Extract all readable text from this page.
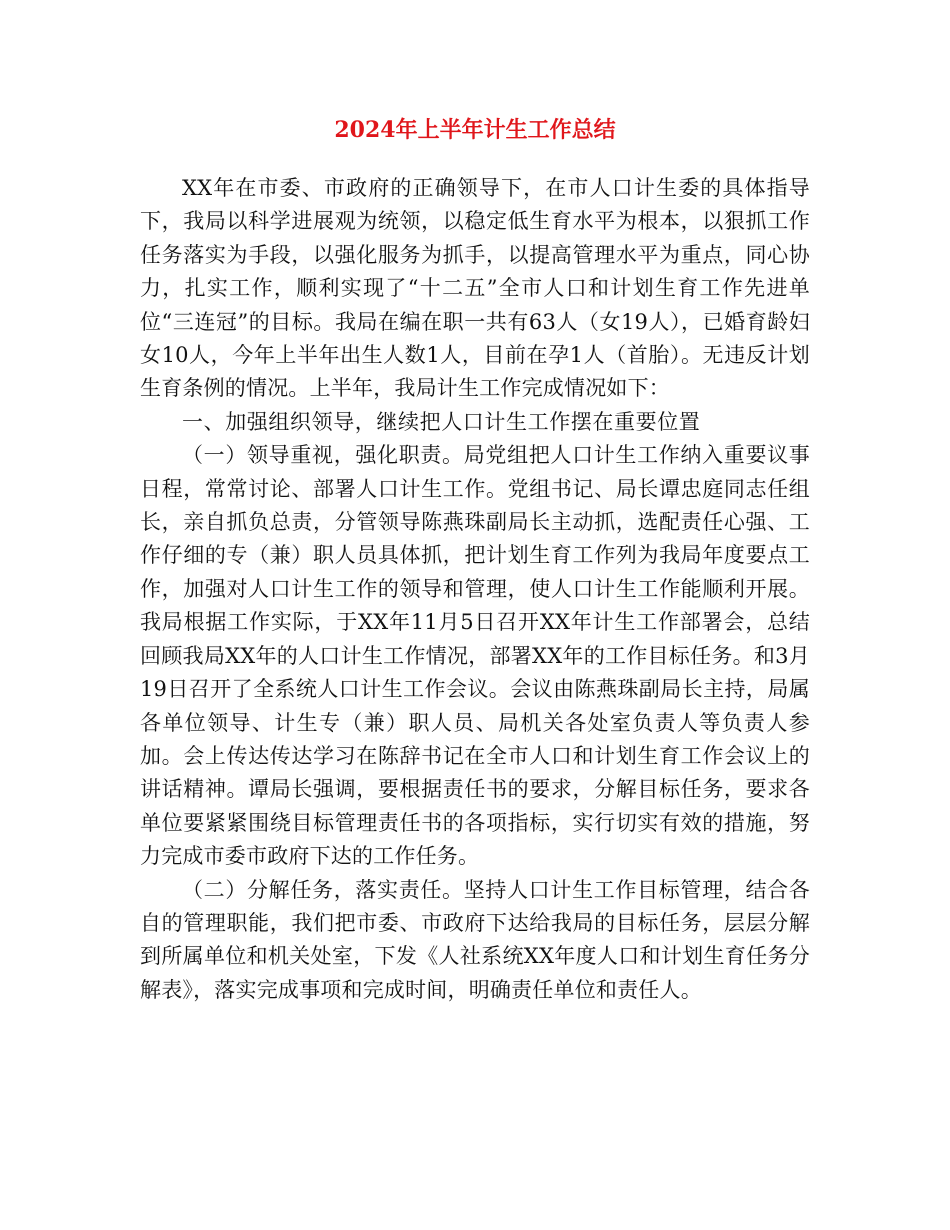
2024年上半年计生工作总结

XX年在市委、市政府的正确领导下，在市人口计生委的具体指导下，我局以科学进展观为统领，以稳定低生育水平为根本，以狠抓工作任务落实为手段，以强化服务为抓手，以提高管理水平为重点，同心协力，扎实工作，顺利实现了“十二五”全市人口和计划生育工作先进单位“三连冠”的目标。我局在编在职一共有63人（女19人），已婚育龄妇女10人，今年上半年出生人数1人，目前在孕1人（首胎）。无违反计划生育条例的情况。上半年，我局计生工作完成情况如下：

一、加强组织领导，继续把人口计生工作摆在重要位置

（一）领导重视，强化职责。局党组把人口计生工作纳入重要议事日程，常常讨论、部署人口计生工作。党组书记、局长谭忠庭同志任组长，亲自抓负总责，分管领导陈燕珠副局长主动抓，选配责任心强、工作仔细的专（兼）职人员具体抓，把计划生育工作列为我局年度要点工作，加强对人口计生工作的领导和管理，使人口计生工作能顺利开展。我局根据工作实际，于XX年11月5日召开XX年计生工作部署会，总结回顾我局XX年的人口计生工作情况，部署XX年的工作目标任务。和3月19日召开了全系统人口计生工作会议。会议由陈燕珠副局长主持，局属各单位领导、计生专（兼）职人员、局机关各处室负责人等负责人参加。会上传达传达学习在陈辞书记在全市人口和计划生育工作会议上的讲话精神。谭局长强调，要根据责任书的要求，分解目标任务，要求各单位要紧紧围绕目标管理责任书的各项指标，实行切实有效的措施，努力完成市委市政府下达的工作任务。

（二）分解任务，落实责任。坚持人口计生工作目标管理，结合各自的管理职能，我们把市委、市政府下达给我局的目标任务，层层分解到所属单位和机关处室，下发《人社系统XX年度人口和计划生育任务分解表》，落实完成事项和完成时间，明确责任单位和责任人。
